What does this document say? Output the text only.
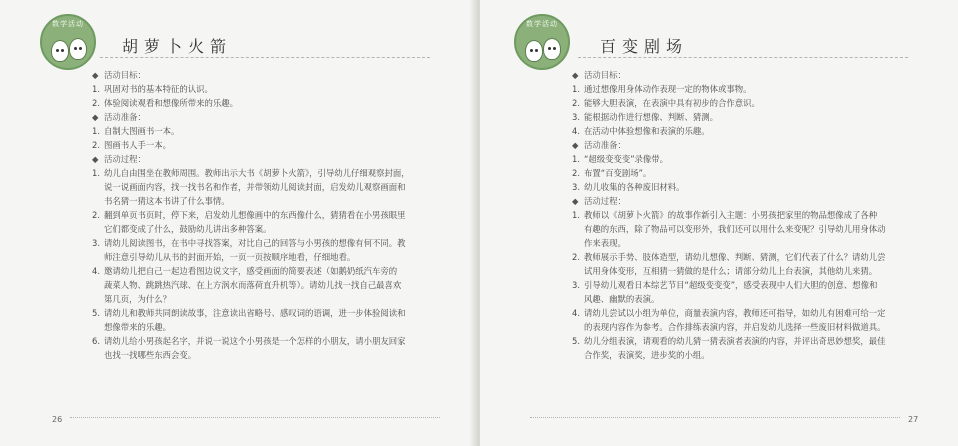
数学活动
胡萝卜火箭
◆ 活动目标：
1. 巩固对书的基本特征的认识。
2. 体验阅读观看和想像所带来的乐趣。
◆ 活动准备：
1. 自制大图画书一本。
2. 图画书人手一本。
◆ 活动过程：
1. 幼儿自由围坐在教师周围。教师出示大书《胡萝卜火箭》，引导幼儿仔细观察封面，
说一说画面内容，找一找书名和作者，并带领幼儿阅读封面，启发幼儿观察画面和
书名猜一猜这本书讲了什么事情。
2. 翻到单页书页时，停下来，启发幼儿想像画中的东西像什么，猜猜看在小男孩眼里
它们都变成了什么，鼓励幼儿讲出多种答案。
3. 请幼儿阅读图书，在书中寻找答案，对比自己的回答与小男孩的想像有何不同。教
师注意引导幼儿从书的封面开始，一页一页按顺序地看，仔细地看。
4. 邀请幼儿把自己一起边看图边说文字，感受画面的简要表述（如鹅奶纸汽车旁的
蔬菜人物、跳跳热汽球、在上方涡水而落荷直升机等）。请幼儿找一找自己最喜欢
第几页，为什么？
5. 请幼儿和教师共同朗读故事，注意读出省略号、感叹词的语调，进一步体验阅读和
想像带来的乐趣。
6. 请幼儿给小男孩起名字，并说一说这个小男孩是一个怎样的小朋友，请小朋友回家
也找一找哪些东西会变。
26
数学活动
百变剧场
◆ 活动目标：
1. 通过想像用身体动作表现一定的物体或事物。
2. 能够大胆表演，在表演中具有初步的合作意识。
3. 能根据动作进行想像、判断、猜测。
4. 在活动中体验想像和表演的乐趣。
◆ 活动准备：
1. “超级变变变”录像带。
2. 布置“百变剧场”。
3. 幼儿收集的各种废旧材料。
◆ 活动过程：
1. 教师以《胡萝卜火箭》的故事作新引入主题：小男孩把家里的物品想像成了各种
有趣的东西，除了物品可以变形外，我们还可以用什么来变呢？引导幼儿用身体动
作来表现。
2. 教师展示手势、肢体造型，请幼儿想像、判断、猜测，它们代表了什么？请幼儿尝
试用身体变形，互相猜一猜做的是什么；请部分幼儿上台表演，其他幼儿来猜。
3. 引导幼儿观看日本综艺节目“超级变变变”，感受表现中人们大胆的创意、想像和
风趣、幽默的表演。
4. 请幼儿尝试以小组为单位，商量表演内容，教师还可指导，如幼儿有困难可给一定
的表现内容作为参考。合作排练表演内容，并启发幼儿选择一些废旧材料做道具。
5. 幼儿分组表演，请观看的幼儿猜一猜表演者表演的内容，并评出奇思妙想奖，最佳
合作奖，表演奖，进步奖的小组。
27
